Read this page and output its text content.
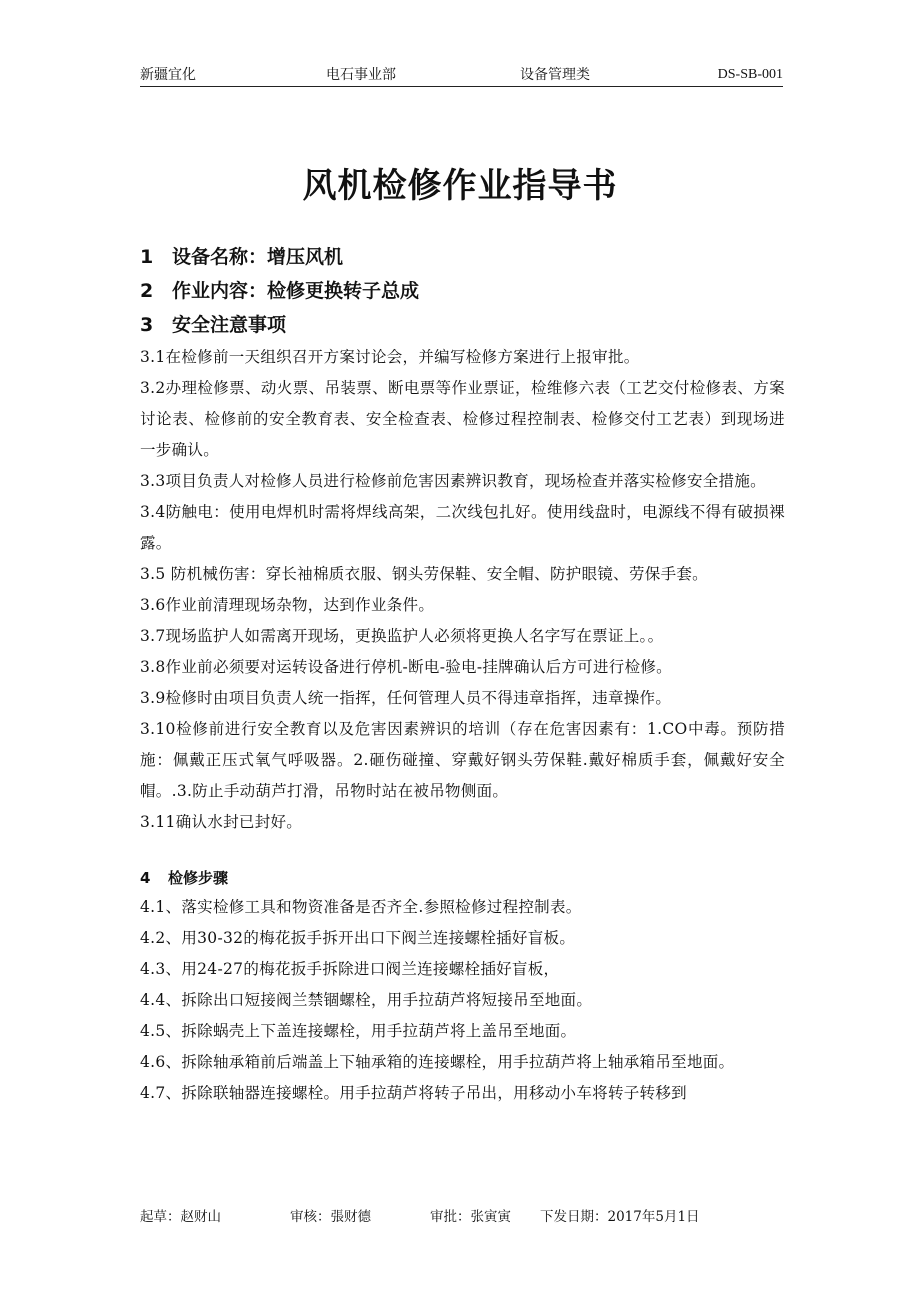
新疆宜化	电石事业部	设备管理类	DS-SB-001
风机检修作业指导书
1 设备名称：增压风机
2 作业内容：检修更换转子总成
3 安全注意事项

3.1在检修前一天组织召开方案讨论会，并编写检修方案进行上报审批。

3.2办理检修票、动火票、吊装票、断电票等作业票证，检维修六表（工艺交付检修表、方案讨论表、检修前的安全教育表、安全检查表、检修过程控制表、检修交付工艺表）到现场进一步确认。

3.3项目负责人对检修人员进行检修前危害因素辨识教育，现场检查并落实检修安全措施。

3.4防触电：使用电焊机时需将焊线高架，二次线包扎好。使用线盘时，电源线不得有破损裸露。

3.5 防机械伤害：穿长袖棉质衣服、钢头劳保鞋、安全帽、防护眼镜、劳保手套。

3.6作业前清理现场杂物，达到作业条件。

3.7现场监护人如需离开现场，更换监护人必须将更换人名字写在票证上。。

3.8作业前必须要对运转设备进行停机-断电-验电-挂牌确认后方可进行检修。

3.9检修时由项目负责人统一指挥，任何管理人员不得违章指挥，违章操作。

3.10检修前进行安全教育以及危害因素辨识的培训（存在危害因素有：1.CO中毒。预防措施：佩戴正压式氧气呼吸器。2.砸伤碰撞、穿戴好钢头劳保鞋.戴好棉质手套，佩戴好安全帽。.3.防止手动葫芦打滑，吊物时站在被吊物侧面。

3.11确认水封已封好。

4 检修步骤

4.1、落实检修工具和物资准备是否齐全.参照检修过程控制表。

4.2、用30-32的梅花扳手拆开出口下阀兰连接螺栓插好盲板。

4.3、用24-27的梅花扳手拆除进口阀兰连接螺栓插好盲板，

4.4、拆除出口短接阀兰禁锢螺栓，用手拉葫芦将短接吊至地面。

4.5、拆除蜗壳上下盖连接螺栓，用手拉葫芦将上盖吊至地面。

4.6、拆除轴承箱前后端盖上下轴承箱的连接螺栓，用手拉葫芦将上轴承箱吊至地面。

4.7、拆除联轴器连接螺栓。用手拉葫芦将转子吊出，用移动小车将转子转移到

起草：赵财山	审核：張财德	审批：张寅寅 下发日期：2017年5月1日
